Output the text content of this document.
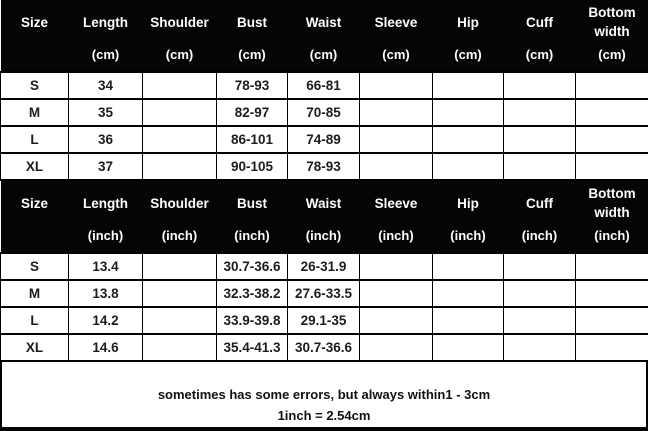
Size	Length	Shoulder	Bust	Waist	Sleeve	Hip	Cuff	Bottom width
	(cm)	(cm)	(cm)	(cm)	(cm)	(cm)	(cm)	(cm)
S	34		78-93	66-81				
M	35		82-97	70-85				
L	36		86-101	74-89				
XL	37		90-105	78-93				
Size	Length	Shoulder	Bust	Waist	Sleeve	Hip	Cuff	Bottom width
	(inch)	(inch)	(inch)	(inch)	(inch)	(inch)	(inch)	(inch)
S	13.4		30.7-36.6	26-31.9				
M	13.8		32.3-38.2	27.6-33.5				
L	14.2		33.9-39.8	29.1-35				
XL	14.6		35.4-41.3	30.7-36.6				
sometimes has some errors, but always within1 - 3cm
1inch = 2.54cm
